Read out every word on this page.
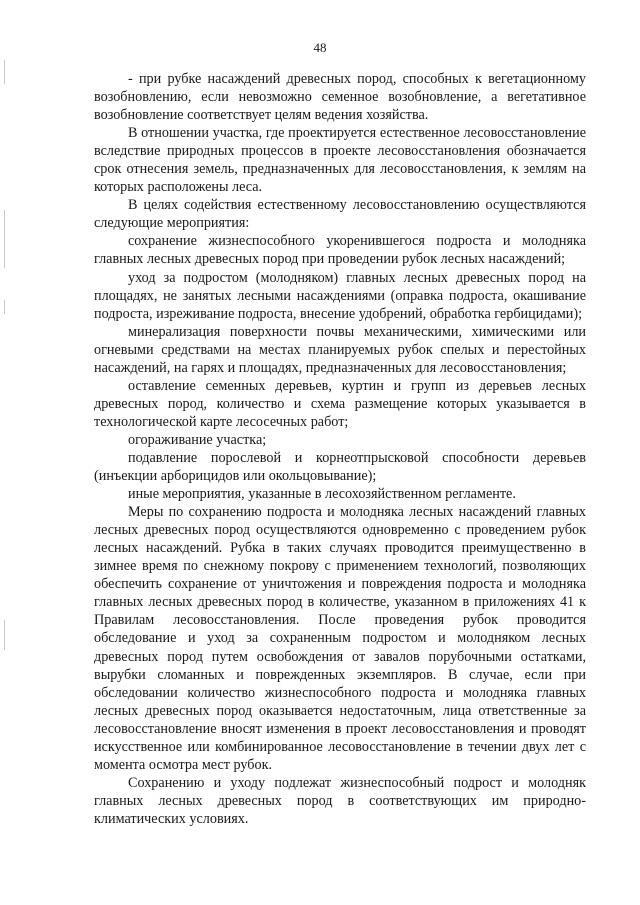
48

- при рубке насаждений древесных пород, способных к вегетационному возобновлению, если невозможно семенное возобновление, а вегетативное возобновление соответствует целям ведения хозяйства.

В отношении участка, где проектируется естественное лесовосстановление вследствие природных процессов в проекте лесовосстановления обозначается срок отнесения земель, предназначенных для лесовосстановления, к землям на которых расположены леса.

В целях содействия естественному лесовосстановлению осуществляются следующие мероприятия:

сохранение жизнеспособного укоренившегося подроста и молодняка главных лесных древесных пород при проведении рубок лесных насаждений;

уход за подростом (молодняком) главных лесных древесных пород на площадях, не занятых лесными насаждениями (оправка подроста, окашивание подроста, изреживание подроста, внесение удобрений, обработка гербицидами);

минерализация поверхности почвы механическими, химическими или огневыми средствами на местах планируемых рубок спелых и перестойных насаждений, на гарях и площадях, предназначенных для лесовосстановления;

оставление семенных деревьев, куртин и групп из деревьев лесных древесных пород, количество и схема размещение которых указывается в технологической карте лесосечных работ;

огораживание участка;

подавление порослевой и корнеотпрысковой способности деревьев (инъекции арборицидов или окольцовывание);

иные мероприятия, указанные в лесохозяйственном регламенте.

Меры по сохранению подроста и молодняка лесных насаждений главных лесных древесных пород осуществляются одновременно с проведением рубок лесных насаждений. Рубка в таких случаях проводится преимущественно в зимнее время по снежному покрову с применением технологий, позволяющих обеспечить сохранение от уничтожения и повреждения подроста и молодняка главных лесных древесных пород в количестве, указанном в приложениях 41 к Правилам лесовосстановления. После проведения рубок проводится обследование и уход за сохраненным подростом и молодняком лесных древесных пород путем освобождения от завалов порубочными остатками, вырубки сломанных и поврежденных экземпляров. В случае, если при обследовании количество жизнеспособного подроста и молодняка главных лесных древесных пород оказывается недостаточным, лица ответственные за лесовосстановление вносят изменения в проект лесовосстановления и проводят искусственное или комбинированное лесовосстановление в течении двух лет с момента осмотра мест рубок.

Сохранению и уходу подлежат жизнеспособный подрост и молодняк главных лесных древесных пород в соответствующих им природно-климатических условиях.
